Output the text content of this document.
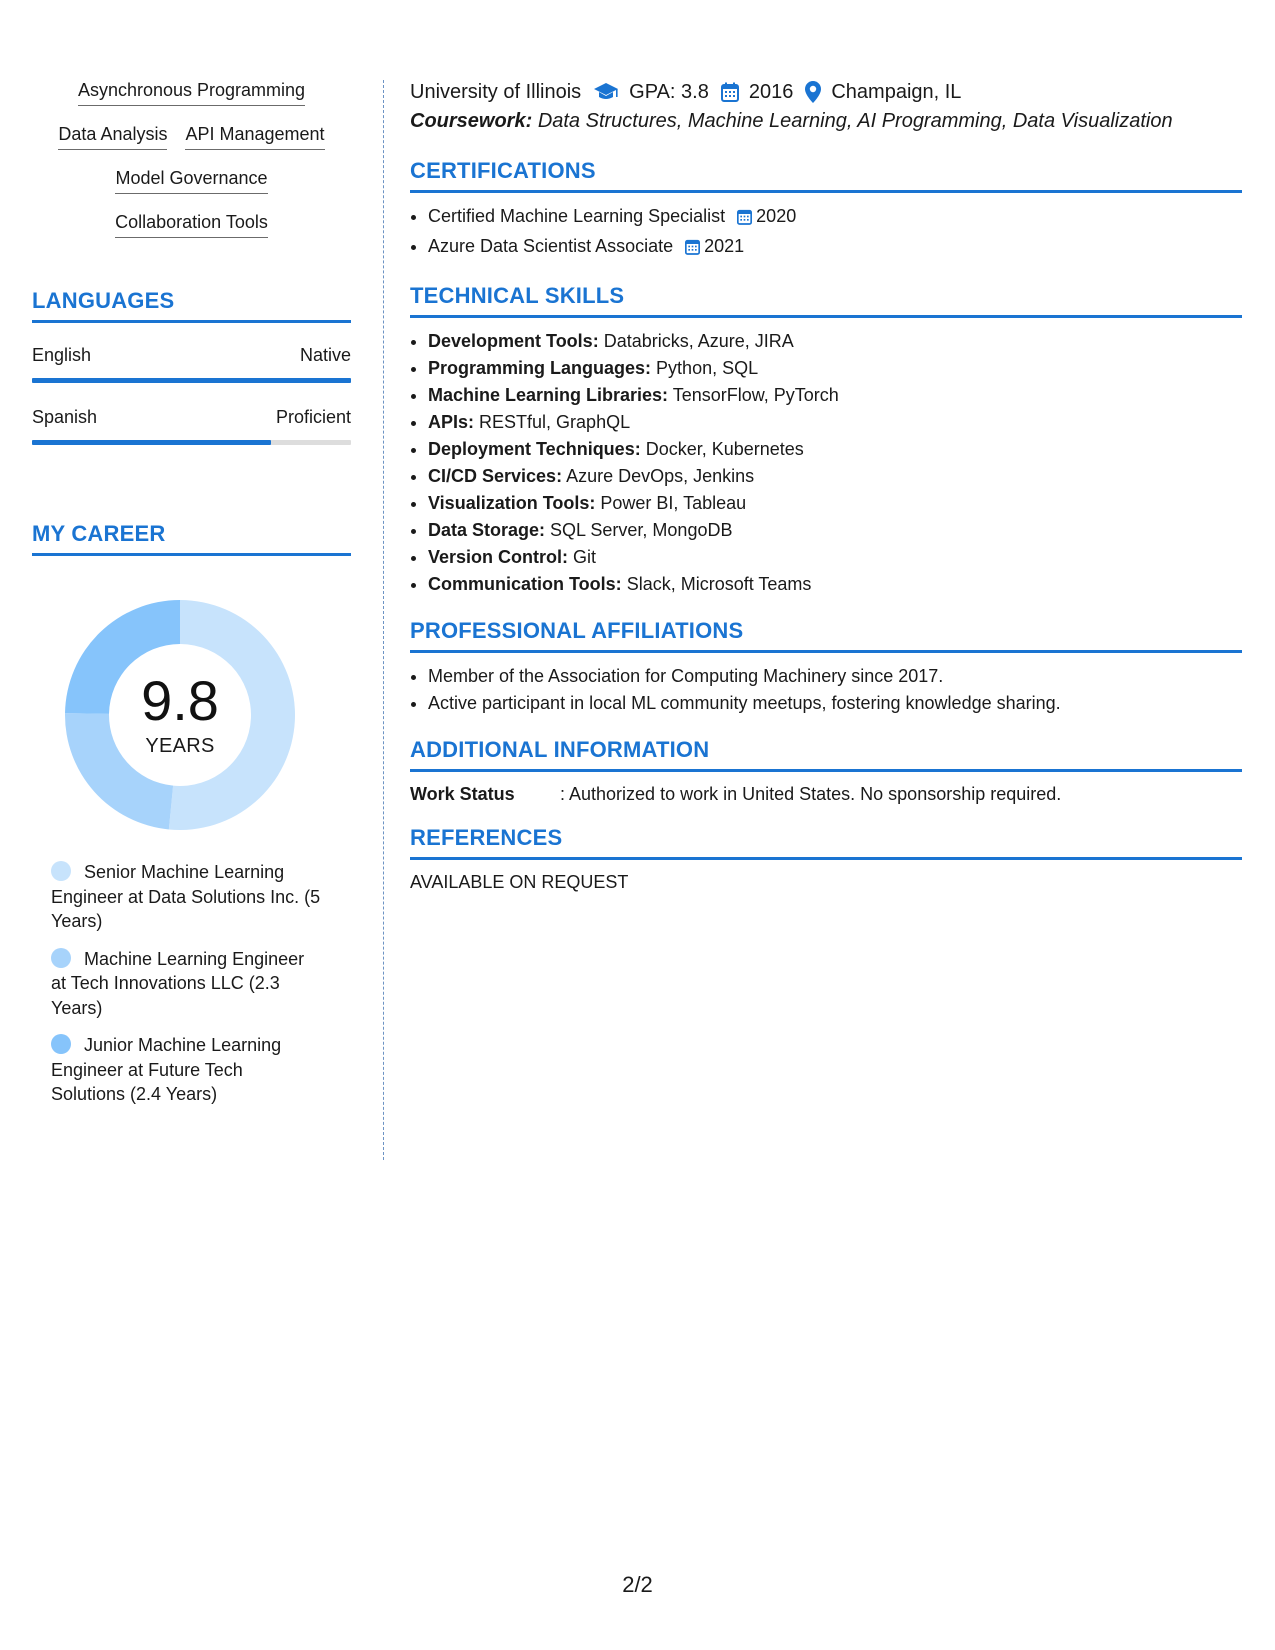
Asynchronous Programming
Data Analysis API Management
Model Governance
Collaboration Tools
LANGUAGES
English	Native
Spanish	Proficient
MY CAREER
9.8
YEARS
Senior Machine Learning Engineer at Data Solutions Inc. (5 Years)
Machine Learning Engineer at Tech Innovations LLC (2.3 Years)
Junior Machine Learning Engineer at Future Tech Solutions (2.4 Years)
University of Illinois GPA: 3.8 2016 Champaign, IL
Coursework: Data Structures, Machine Learning, AI Programming, Data Visualization
CERTIFICATIONS
• Certified Machine Learning Specialist 2020
• Azure Data Scientist Associate 2021
TECHNICAL SKILLS
• Development Tools: Databricks, Azure, JIRA
• Programming Languages: Python, SQL
• Machine Learning Libraries: TensorFlow, PyTorch
• APIs: RESTful, GraphQL
• Deployment Techniques: Docker, Kubernetes
• CI/CD Services: Azure DevOps, Jenkins
• Visualization Tools: Power BI, Tableau
• Data Storage: SQL Server, MongoDB
• Version Control: Git
• Communication Tools: Slack, Microsoft Teams
PROFESSIONAL AFFILIATIONS
• Member of the Association for Computing Machinery since 2017.
• Active participant in local ML community meetups, fostering knowledge sharing.
ADDITIONAL INFORMATION
Work Status	: Authorized to work in United States. No sponsorship required.
REFERENCES
AVAILABLE ON REQUEST
2/2
